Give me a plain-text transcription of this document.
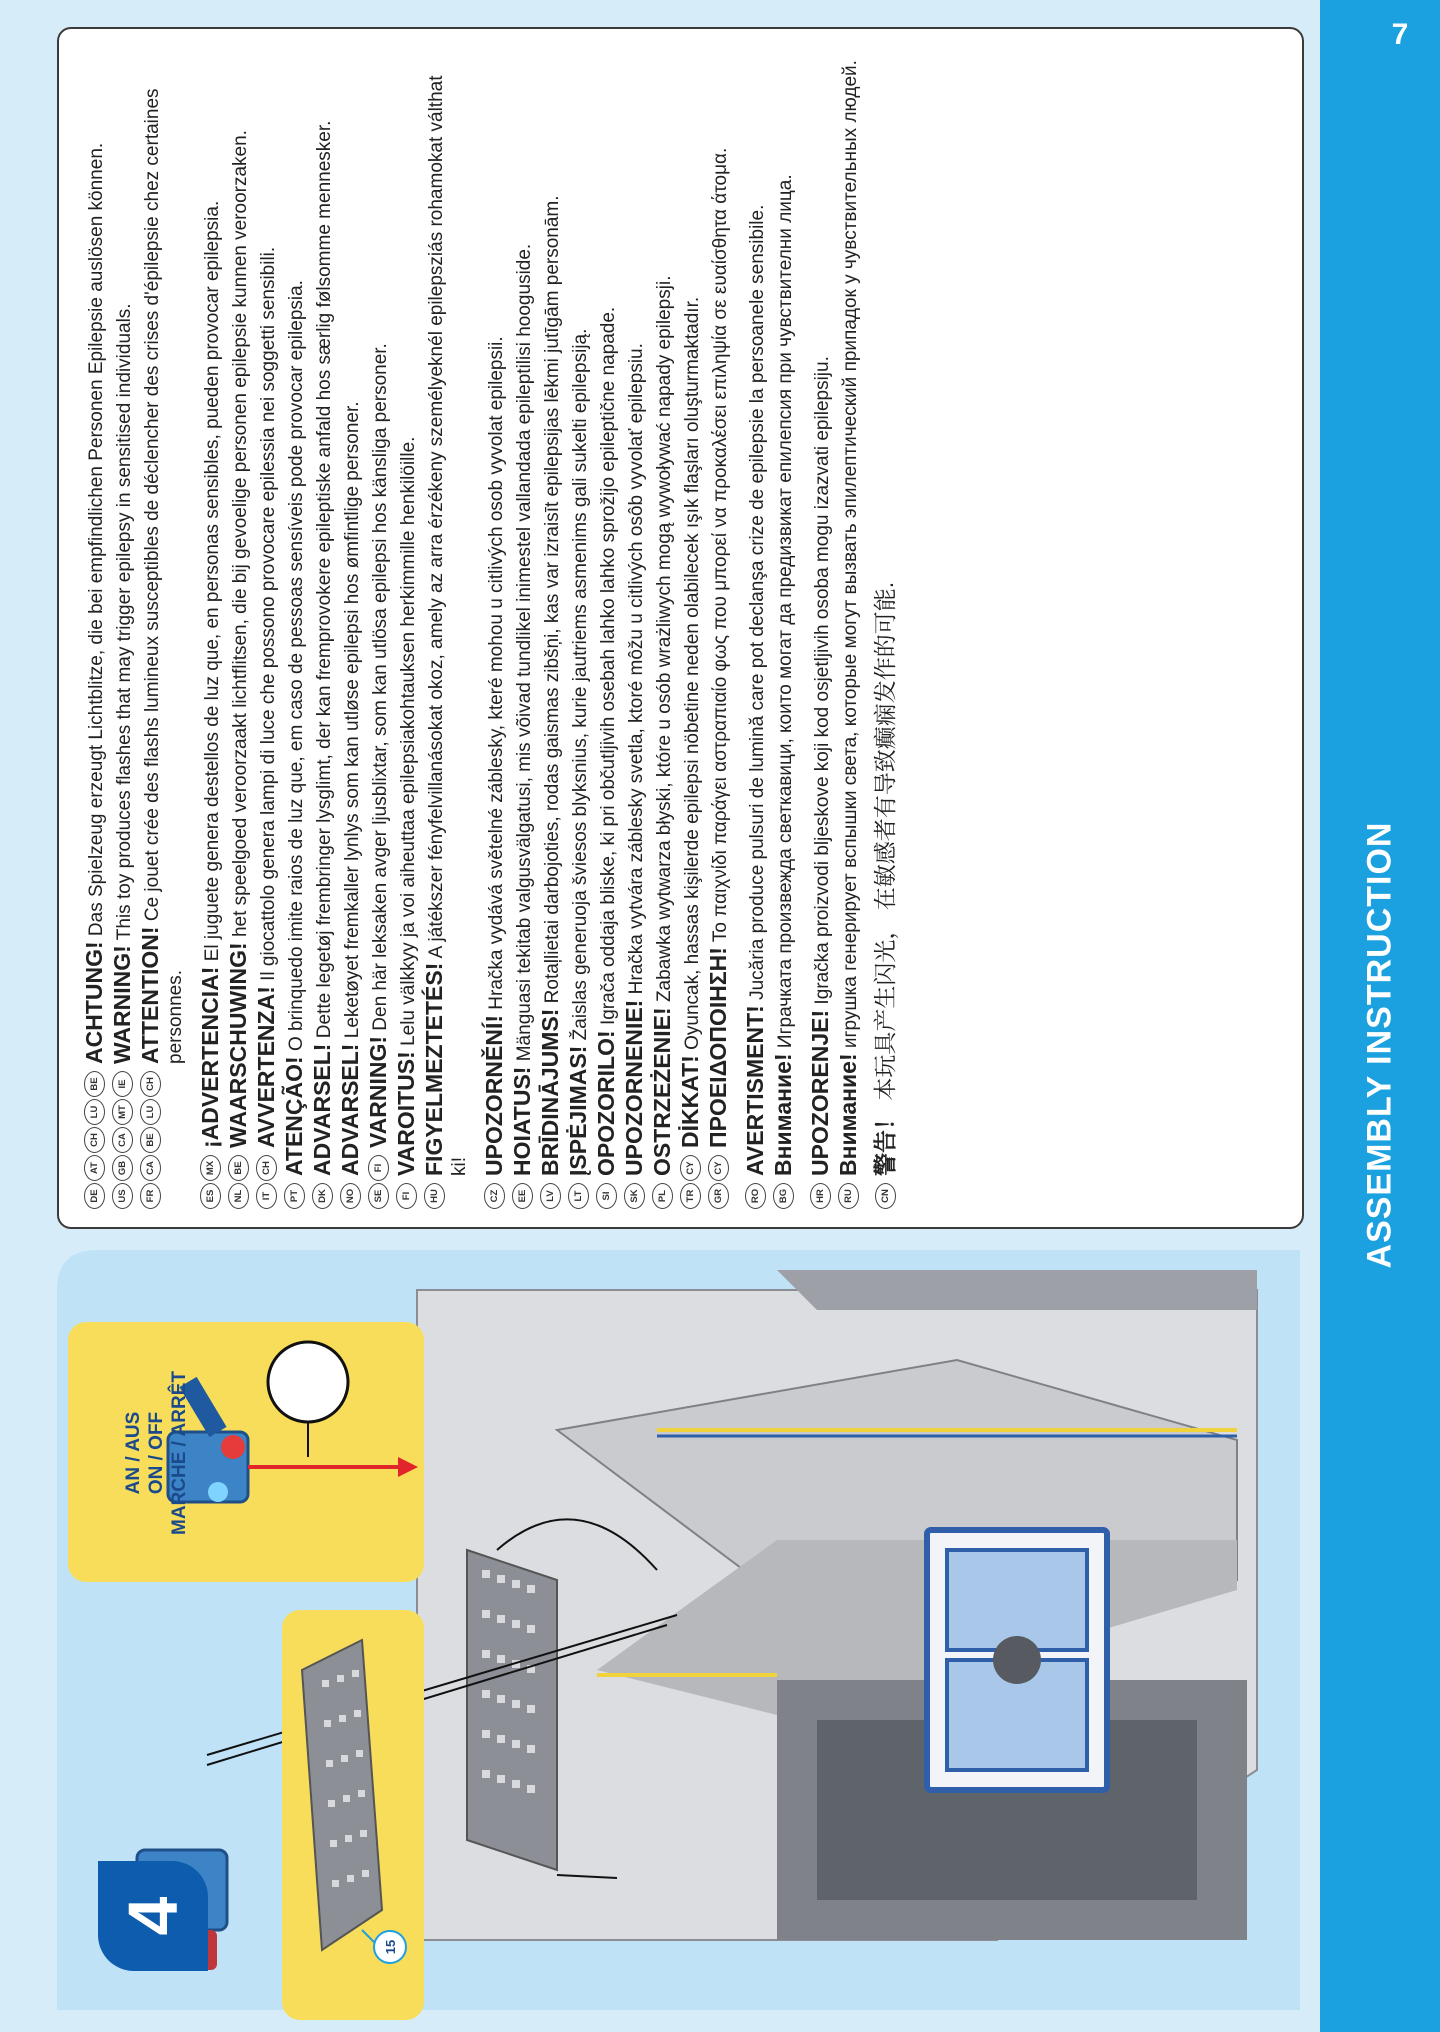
7
ASSEMBLY INSTRUCTION
DE
AT
CH
LU
BE
ACHTUNG! Das Spielzeug erzeugt Lichtblitze, die bei empfindlichen Personen Epilepsie auslösen können.
US
GB
CA
MT
IE
WARNING! This toy produces flashes that may trigger epilepsy in sensitised individuals.
FR
CA
BE
LU
CH
ATTENTION! Ce jouet crée des flashs lumineux susceptibles de déclencher des crises d'épilepsie chez certaines personnes.
ES
MX
¡ADVERTENCIA! El juguete genera destellos de luz que, en personas sensibles, pueden provocar epilepsia.
NL
BE
WAARSCHUWING! het speelgoed veroorzaakt lichtflitsen, die bij gevoelige personen epilepsie kunnen veroorzaken.
IT
CH
AVVERTENZA! Il giocattolo genera lampi di luce che possono provocare epilessia nei soggetti sensibili.
PT
ATENÇÃO! O brinquedo imite raios de luz que, em caso de pessoas sensíveis pode provocar epilepsia.
DK
ADVARSEL! Dette legetøj frembringer lysglimt, der kan fremprovokere epileptiske anfald hos særlig følsomme mennesker.
NO
ADVARSEL! Leketøyet fremkaller lynlys som kan utløse epilepsi hos ømfintlige personer.
SE
FI
VARNING! Den här leksaken avger ljusblixtar, som kan utlösa epilepsi hos känsliga personer.
FI
VAROITUS! Lelu välkkyy ja voi aiheuttaa epilepsiakohtauksen herkimmille henkilöille.
HU
FIGYELMEZTETÉS! A játékszer fényfelvillanásokat okoz, amely az arra érzékeny személyeknél epilepsziás rohamokat válthat ki!
CZ
UPOZORNĚNÍ! Hračka vydává světelné záblesky, které mohou u citlivých osob vyvolat epilepsii.
EE
HOIATUS! Mänguasi tekitab valgusvälgatusi, mis võivad tundlikel inimestel vallandada epileptilisi hooguside.
LV
BRĪDINĀJUMS! Rotaļlietai darbojoties, rodas gaismas zibšņi, kas var izraisīt epilepsijas lēkmi jutīgām personām.
LT
ĮSPĖJIMAS! Žaislas generuoja šviesos blyksnius, kurie jautriems asmenims gali sukelti epilepsiją.
SI
OPOZORILO! Igrača oddaja bliske, ki pri občutljivih osebah lahko lahko sprožijo epileptične napade.
SK
UPOZORNENIE! Hračka vytvára záblesky svetla, ktoré môžu u citlivých osôb vyvolať epilepsiu.
PL
OSTRZEŻENIE! Zabawka wytwarza błyski, które u osób wrażliwych mogą wywoływać napady epilepsji.
TR
CY
DİKKAT! Oyuncak, hassas kişilerde epilepsi nöbetine neden olabilecek ışık flaşları oluşturmaktadır.
GR
CY
ΠΡΟΕΙΔΟΠΟΙΗΣΗ! Το παιχνίδι παράγει αστραπιαίο φως που μπορεί να προκαλέσει επιληψία σε ευαίσθητα άτομα.
RO
AVERTISMENT! Jucăria produce pulsuri de lumină care pot declanşa crize de epilepsie la persoanele sensibile.
BG
Внимание! Играчката произвежда светкавици, които могат да предизвикат епилепсия при чувствителни лица.
HR
UPOZORENJE! Igračka proizvodi bljeskove koji kod osjetljivih osoba mogu izazvati epilepsiju.
RU
Внимание! игрушка генерирует вспышки света, которые могут вызвать эпилептический припадок у чувствительных людей.
CN
警告！ 本玩具产生闪光， 在敏感者有导致癫痫发作的可能.
AN / AUS ON / OFF MARCHE / ARRÊT
15
4
